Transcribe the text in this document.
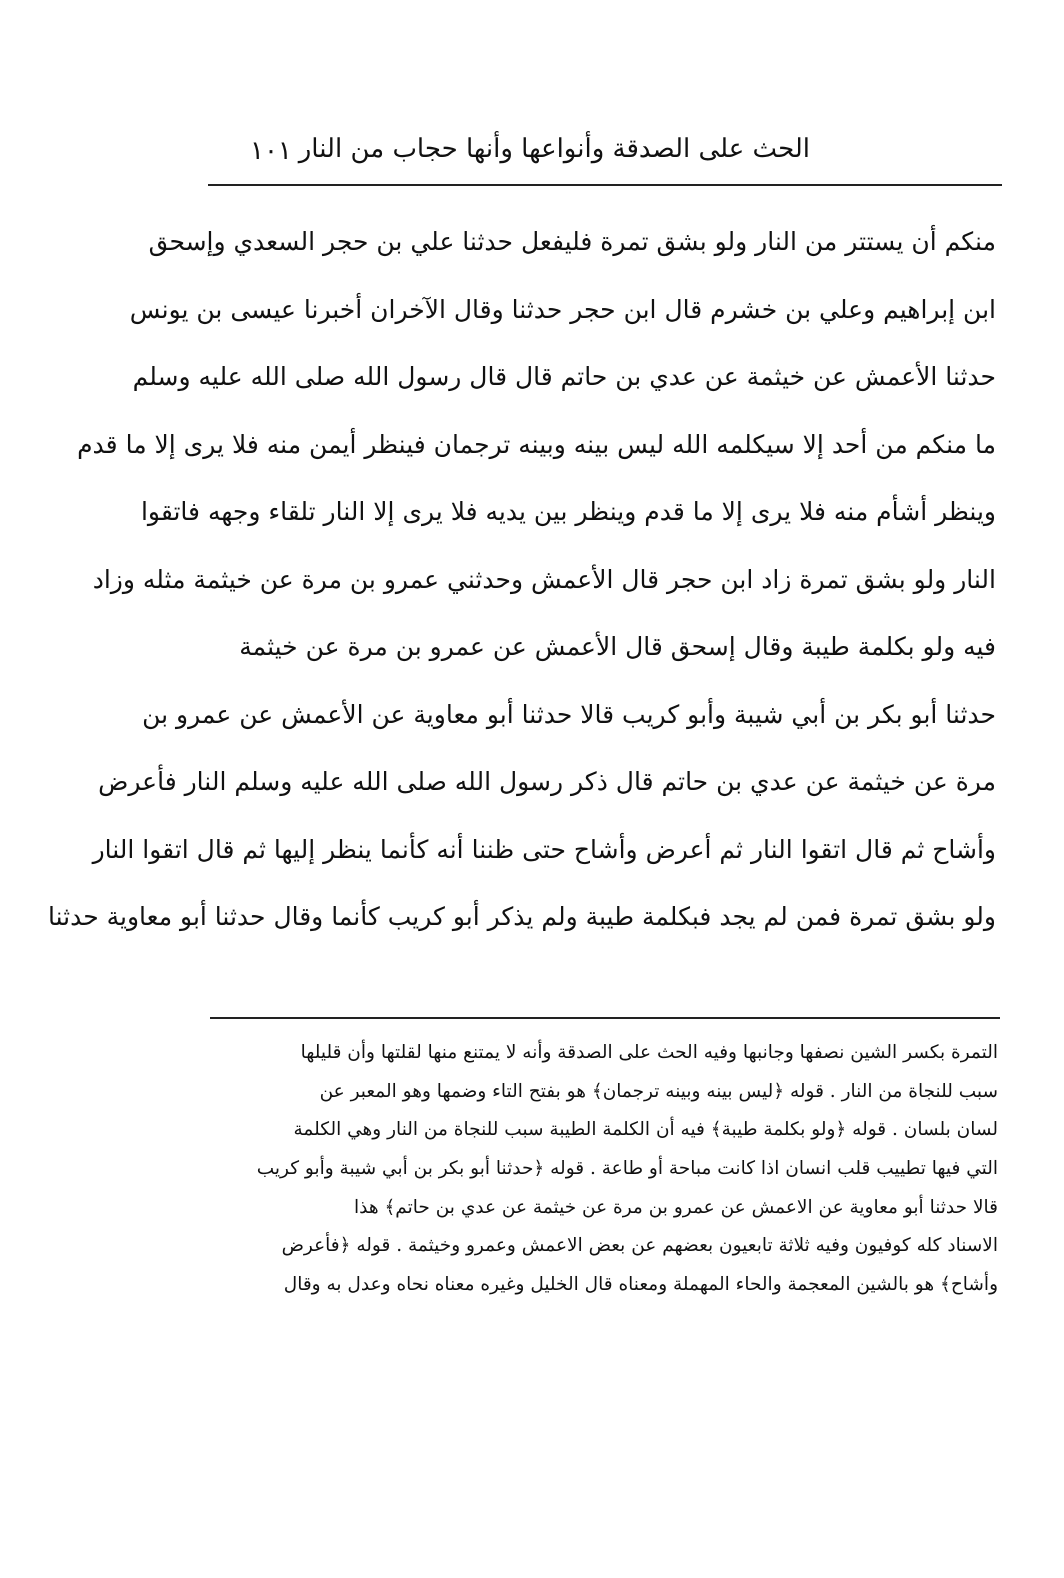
الحث على الصدقة وأنواعها وأنها حجاب من النار
١٠١
منكم أن يستتر من النار ولو بشق تمرة فليفعل حدثنا علي بن حجر السعدي وإسحق
ابن إبراهيم وعلي بن خشرم قال ابن حجر حدثنا وقال الآخران أخبرنا عيسى بن يونس
حدثنا الأعمش عن خيثمة عن عدي بن حاتم قال قال رسول الله صلى الله عليه وسلم
ما منكم من أحد إلا سيكلمه الله ليس بينه وبينه ترجمان فينظر أيمن منه فلا يرى إلا ما قدم
وينظر أشأم منه فلا يرى إلا ما قدم وينظر بين يديه فلا يرى إلا النار تلقاء وجهه فاتقوا
النار ولو بشق تمرة زاد ابن حجر قال الأعمش وحدثني عمرو بن مرة عن خيثمة مثله وزاد
فيه ولو بكلمة طيبة وقال إسحق قال الأعمش عن عمرو بن مرة عن خيثمة
حدثنا أبو بكر بن أبي شيبة وأبو كريب قالا حدثنا أبو معاوية عن الأعمش عن عمرو بن
مرة عن خيثمة عن عدي بن حاتم قال ذكر رسول الله صلى الله عليه وسلم النار فأعرض
وأشاح ثم قال اتقوا النار ثم أعرض وأشاح حتى ظننا أنه كأنما ينظر إليها ثم قال اتقوا النار
ولو بشق تمرة فمن لم يجد فبكلمة طيبة ولم يذكر أبو كريب كأنما وقال حدثنا أبو معاوية حدثنا
التمرة بكسر الشين نصفها وجانبها وفيه الحث على الصدقة وأنه لا يمتنع منها لقلتها وأن قليلها
سبب للنجاة من النار . قوله ﴿ليس بينه وبينه ترجمان﴾ هو بفتح التاء وضمها وهو المعبر عن
لسان بلسان . قوله ﴿ولو بكلمة طيبة﴾ فيه أن الكلمة الطيبة سبب للنجاة من النار وهي الكلمة
التي فيها تطييب قلب انسان اذا كانت مباحة أو طاعة . قوله ﴿حدثنا أبو بكر بن أبي شيبة وأبو كريب
قالا حدثنا أبو معاوية عن الاعمش عن عمرو بن مرة عن خيثمة عن عدي بن حاتم﴾ هذا
الاسناد كله كوفيون وفيه ثلاثة تابعيون بعضهم عن بعض الاعمش وعمرو وخيثمة . قوله ﴿فأعرض
وأشاح﴾ هو بالشين المعجمة والحاء المهملة ومعناه قال الخليل وغيره معناه نحاه وعدل به وقال
